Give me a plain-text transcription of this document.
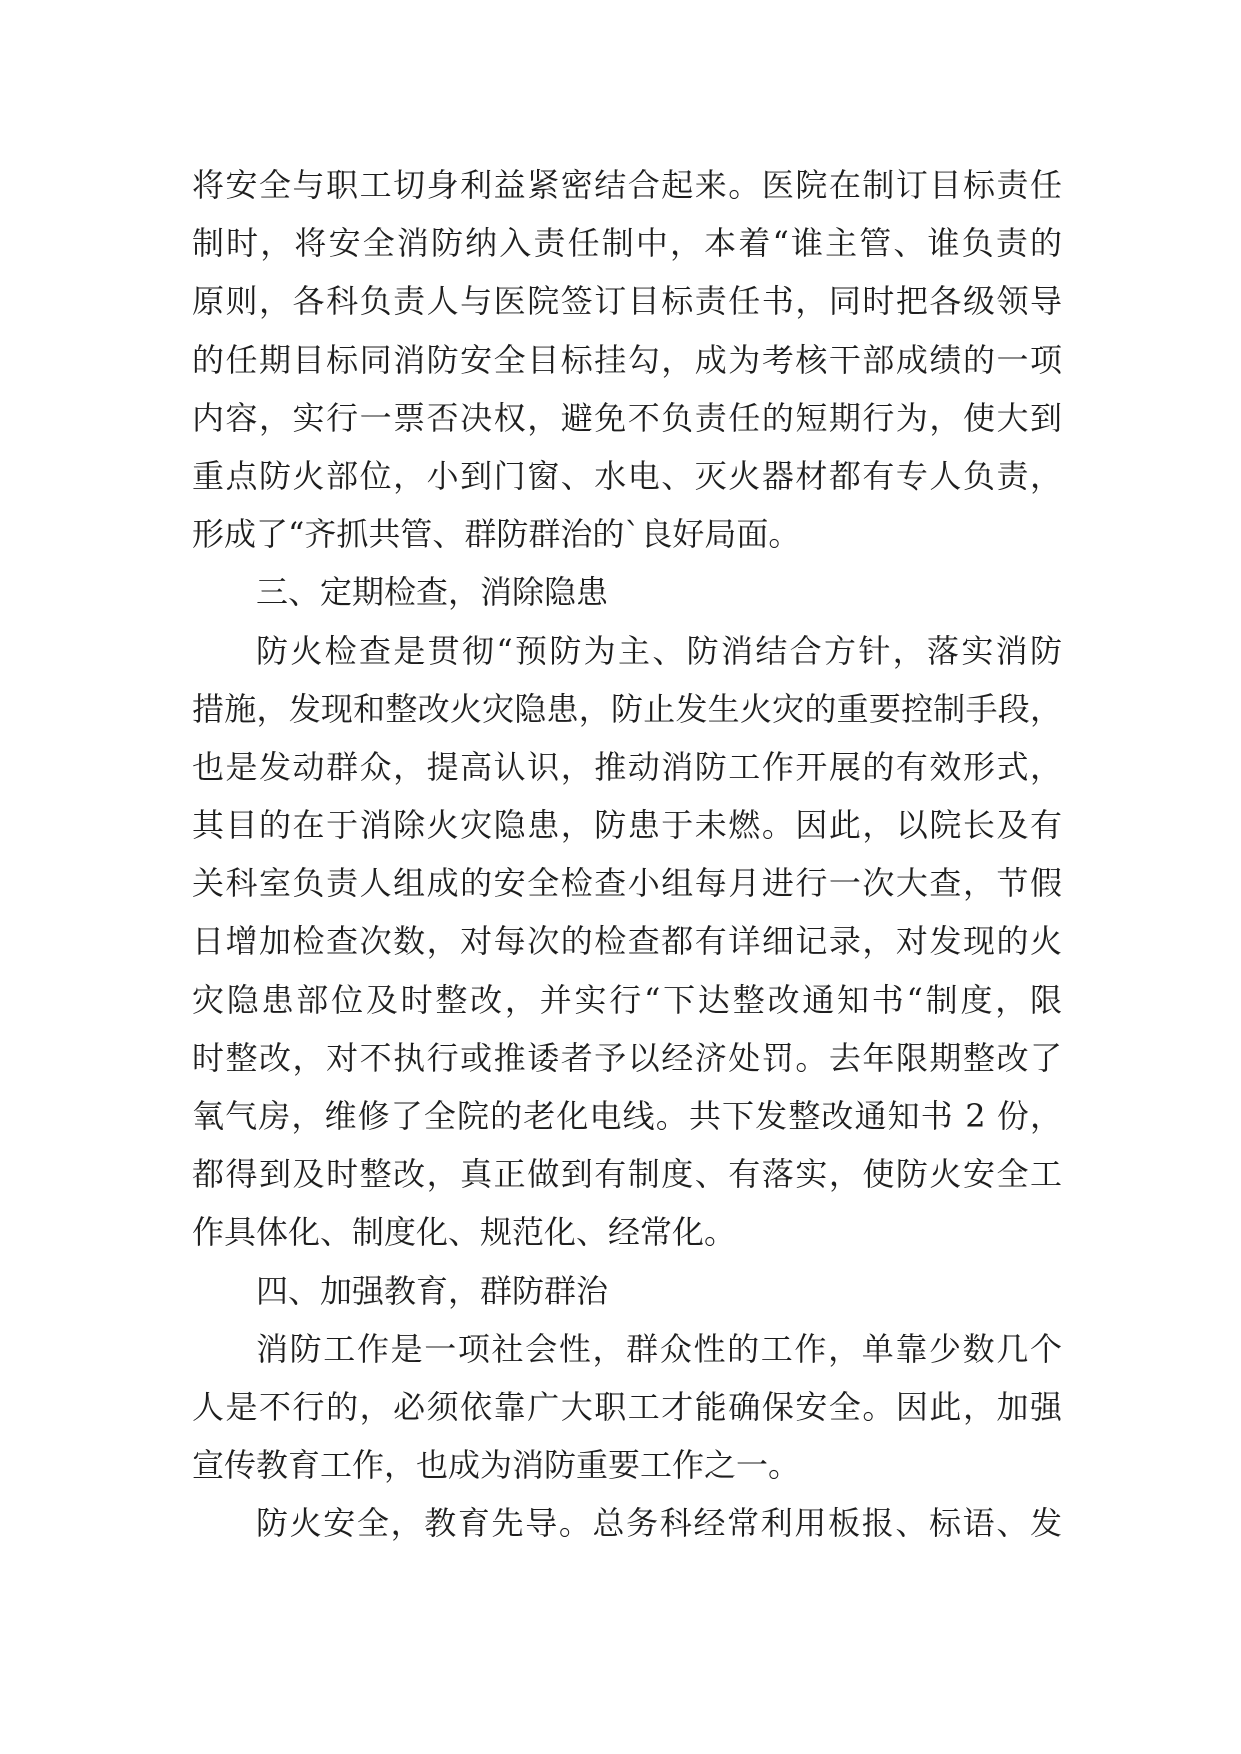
将安全与职工切身利益紧密结合起来。医院在制订目标责任
制时，将安全消防纳入责任制中，本着“谁主管、谁负责的
原则，各科负责人与医院签订目标责任书，同时把各级领导
的任期目标同消防安全目标挂勾，成为考核干部成绩的一项
内容，实行一票否决权，避免不负责任的短期行为，使大到
重点防火部位，小到门窗、水电、灭火器材都有专人负责，
形成了“齐抓共管、群防群治的`良好局面。
三、定期检查，消除隐患
防火检查是贯彻“预防为主、防消结合方针，落实消防
措施，发现和整改火灾隐患，防止发生火灾的重要控制手段，
也是发动群众，提高认识，推动消防工作开展的有效形式，
其目的在于消除火灾隐患，防患于未燃。因此，以院长及有
关科室负责人组成的安全检查小组每月进行一次大查，节假
日增加检查次数，对每次的检查都有详细记录，对发现的火
灾隐患部位及时整改，并实行“下达整改通知书“制度，限
时整改，对不执行或推诿者予以经济处罚。去年限期整改了
氧气房，维修了全院的老化电线。共下发整改通知书 2 份，
都得到及时整改，真正做到有制度、有落实，使防火安全工
作具体化、制度化、规范化、经常化。
四、加强教育，群防群治
消防工作是一项社会性，群众性的工作，单靠少数几个
人是不行的，必须依靠广大职工才能确保安全。因此，加强
宣传教育工作，也成为消防重要工作之一。
防火安全，教育先导。总务科经常利用板报、标语、发
